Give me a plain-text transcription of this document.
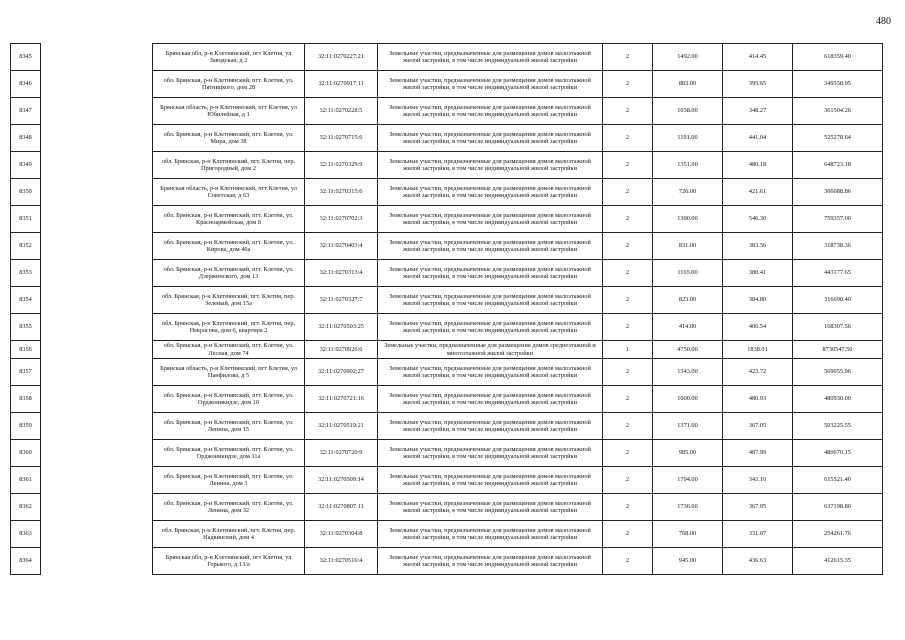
480
8345		Брянская обл, р-н Клетнянский, пгт Клетня, ул Заводская, д 2	32:11:0270227:21	Земельные участки, предназначенные для размещения домов малоэтажной жилой застройки, в том числе индивидуальной жилой застройки	2	1492.00	414.45	618359.40
8346		обл. Брянская, р-н Клетнянский, пгт. Клетня, ул. Пятницкого, дом 28	32:11:0270917:11	Земельные участки, предназначенные для размещения домов малоэтажной жилой застройки, в том числе индивидуальной жилой застройки	2	883.00	395.65	349358.95
8347		Брянская область, р-н Клетнянский, пгт Клетня, ул Юбилейная, д 1	32:11:0270228:5	Земельные участки, предназначенные для размещения домов малоэтажной жилой застройки, в том числе индивидуальной жилой застройки	2	1038.00	348.27	361504.26
8348		обл. Брянская, р-н Клетнянский, пгт. Клетня, ул. Мира, дом 38	32:11:0270715:6	Земельные участки, предназначенные для размещения домов малоэтажной жилой застройки, в том числе индивидуальной жилой застройки	2	1191.00	441.04	525278.64
8349		обл. Брянская, р-н Клетнянский, пгт. Клетня, пер. Пригородный, дом 2	32:11:0270329:9	Земельные участки, предназначенные для размещения домов малоэтажной жилой застройки, в том числе индивидуальной жилой застройки	2	1351.00	480.18	648723.18
8350		Брянская область, р-н Клетнянский, пгт Клетня, ул Советская, д 63	32:11:0270315:6	Земельные участки, предназначенные для размещения домов малоэтажной жилой застройки, в том числе индивидуальной жилой застройки	2	726.00	421.61	306088.86
8351		обл. Брянская, р-н Клетнянский, пгт. Клетня, ул. Красноармейская, дом 8	32:11:0270702:3	Земельные участки, предназначенные для размещения домов малоэтажной жилой застройки, в том числе индивидуальной жилой застройки	2	1390.00	546.30	759357.00
8352		обл. Брянская, р-н Клетнянский, пгт. Клетня, ул. Кирова, дом 40а	32:11:0270403:4	Земельные участки, предназначенные для размещения домов малоэтажной жилой застройки, в том числе индивидуальной жилой застройки	2	831.00	383.56	318738.36
8353		обл. Брянская, р-н Клетнянский, пгт. Клетня, ул. Дзержинского, дом 13	32:11:0270313:4	Земельные участки, предназначенные для размещения домов малоэтажной жилой застройки, в том числе индивидуальной жилой застройки	2	1165.00	380.41	443177.65
8354		обл. Брянская, р-н Клетнянский, пгт. Клетня, пер. Зеленый, дом 15а	32:11:0270327:7	Земельные участки, предназначенные для размещения домов малоэтажной жилой застройки, в том числе индивидуальной жилой застройки	2	823.00	384.80	316690.40
8355		обл. Брянская, р-н Клетнянский, пгт. Клетня, пер. Некрасова, дом 6, квартира 2	32:11:0270503:25	Земельные участки, предназначенные для размещения домов малоэтажной жилой застройки, в том числе индивидуальной жилой застройки	2	414.00	406.54	168307.56
8356		обл. Брянская, р-н Клетнянский, пгт. Клетня, ул. Лесная, дом 74	32:11:0270926:6	Земельные участки, предназначенные для размещения домов среднеэтажной и многоэтажной жилой застройки	1	4750.00	1838.01	8730547.50
8357		Брянская область, р-н Клетнянский, пгт Клетня, ул Панфилова, д 5	32:11:0270902:27	Земельные участки, предназначенные для размещения домов малоэтажной жилой застройки, в том числе индивидуальной жилой застройки	2	1343.00	423.72	569055.96
8358		обл. Брянская, р-н Клетнянский, пгт. Клетня, ул. Орджоникидзе, дом 10	32:11:0270721:16	Земельные участки, предназначенные для размещения домов малоэтажной жилой застройки, в том числе индивидуальной жилой застройки	2	1000.00	480.93	480930.00
8359		обл. Брянская, р-н Клетнянский, пгт. Клетня, ул. Ленина, дом 15	32:11:0270519:21	Земельные участки, предназначенные для размещения домов малоэтажной жилой застройки, в том числе индивидуальной жилой застройки	2	1371.00	367.05	503225.55
8360		обл. Брянская, р-н Клетнянский, пгт. Клетня, ул. Орджоникидзе, дом 11а	32:11:0270720:9	Земельные участки, предназначенные для размещения домов малоэтажной жилой застройки, в том числе индивидуальной жилой застройки	2	985.00	487.99	480670.15
8361		обл. Брянская, р-н Клетнянский, пгт. Клетня, ул. Ленина, дом 3	32:11:0270509:14	Земельные участки, предназначенные для размещения домов малоэтажной жилой застройки, в том числе индивидуальной жилой застройки	2	1794.00	343.10	615521.40
8362		обл. Брянская, р-н Клетнянский, пгт. Клетня, ул. Ленина, дом 32	32:11:0270807:11	Земельные участки, предназначенные для размещения домов малоэтажной жилой застройки, в том числе индивидуальной жилой застройки	2	1736.00	367.05	637198.80
8363		обл. Брянская, р-н Клетнянский, пгт. Клетня, пер. Надвинский, дом 4	32:11:0270304:8	Земельные участки, предназначенные для размещения домов малоэтажной жилой застройки, в том числе индивидуальной жилой застройки	2	768.00	331.07	254261.76
8364		Брянская обл, р-н Клетнянский, пгт Клетня, ул Горького, д 13/а	32:11:0270516:4	Земельные участки, предназначенные для размещения домов малоэтажной жилой застройки, в том числе индивидуальной жилой застройки	2	945.00	436.63	412615.35
